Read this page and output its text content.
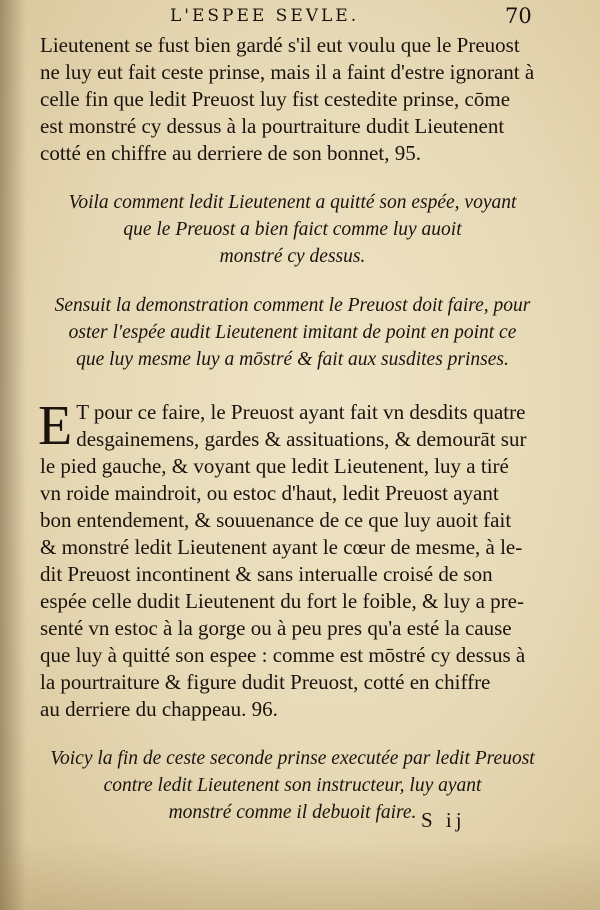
L'ESPEE SEVLE.	70

Lieutenent se fust bien gardé s'il eut voulu que le Preuost
ne luy eut fait ceste prinse, mais il a faint d'estre ignorant à
celle fin que ledit Preuost luy fist cestedite prinse, cōme
est monstré cy dessus à la pourtraiture dudit Lieutenent
cotté en chiffre au derriere de son bonnet, 95.

Voila comment ledit Lieutenent a quitté son espée, voyant
que le Preuost a bien faict comme luy auoit
monstré cy dessus.

Sensuit la demonstration comment le Preuost doit faire, pour
oster l'espée audit Lieutenent imitant de point en point ce
que luy mesme luy a mōstré & fait aux susdites prinses.

E T pour ce faire, le Preuost ayant fait vn desdits quatre
desgainemens, gardes & assituations, & demourāt sur
le pied gauche, & voyant que ledit Lieutenent, luy a tiré
vn roide maindroit, ou estoc d'haut, ledit Preuost ayant
bon entendement, & souuenance de ce que luy auoit fait
& monstré ledit Lieutenent ayant le cœur de mesme, à le-
dit Preuost incontinent & sans interualle croisé de son
espée celle dudit Lieutenent du fort le foible, & luy a pre-
senté vn estoc à la gorge ou à peu pres qu'a esté la cause
que luy à quitté son espee : comme est mōstré cy dessus à
la pourtraiture & figure dudit Preuost, cotté en chiffre
au derriere du chappeau. 96.

Voicy la fin de ceste seconde prinse executée par ledit Preuost
contre ledit Lieutenent son instructeur, luy ayant
monstré comme il debuoit faire. S ij
